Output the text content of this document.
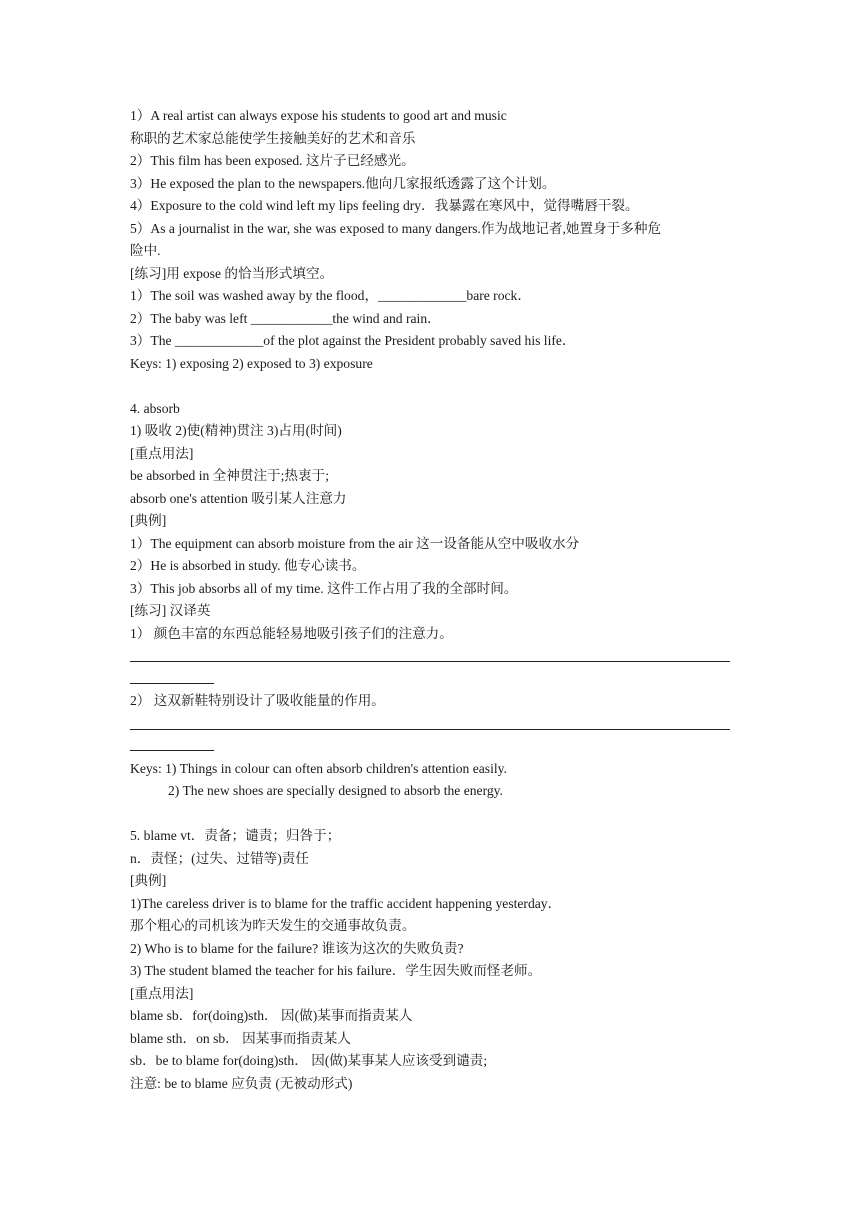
1）A real artist can always expose his students to good art and music
称职的艺术家总能使学生接触美好的艺术和音乐
2）This film has been exposed. 这片子已经感光。
3）He exposed the plan to the newspapers.他向几家报纸透露了这个计划。
4）Exposure to the cold wind left my lips feeling dry．我暴露在寒风中，觉得嘴唇干裂。
5）As a journalist in the war, she was exposed to many dangers.作为战地记者,她置身于多种危
险中.
[练习]用 expose 的恰当形式填空。
1）The soil was washed away by the flood，_____________bare rock．
2）The baby was left ____________the wind and rain．
3）The _____________of the plot against the President probably saved his life．
Keys: 1) exposing 2) exposed to 3) exposure
4. absorb
1) 吸收 2)使(精神)贯注 3)占用(时间)
[重点用法]
be absorbed in 全神贯注于;热衷于;
absorb one's attention 吸引某人注意力
[典例]
1）The equipment can absorb moisture from the air 这一设备能从空中吸收水分
2）He is absorbed in study. 他专心读书。
3）This job absorbs all of my time. 这件工作占用了我的全部时间。
[练习] 汉译英
1） 颜色丰富的东西总能轻易地吸引孩子们的注意力。
2） 这双新鞋特别设计了吸收能量的作用。
Keys: 1) Things in colour can often absorb children's attention easily.
2) The new shoes are specially designed to absorb the energy.
5. blame vt．责备；谴责；归咎于；
n．责怪；(过失、过错等)责任
[典例]
1)The careless driver is to blame for the traffic accident happening yesterday．
那个粗心的司机该为昨天发生的交通事故负责。
2) Who is to blame for the failure? 谁该为这次的失败负责?
3) The student blamed the teacher for his failure．学生因失败而怪老师。
[重点用法]
blame sb．for(doing)sth． 因(做)某事而指责某人
blame sth．on sb． 因某事而指责某人
sb．be to blame for(doing)sth． 因(做)某事某人应该受到谴责;
注意: be to blame 应负责 (无被动形式)
